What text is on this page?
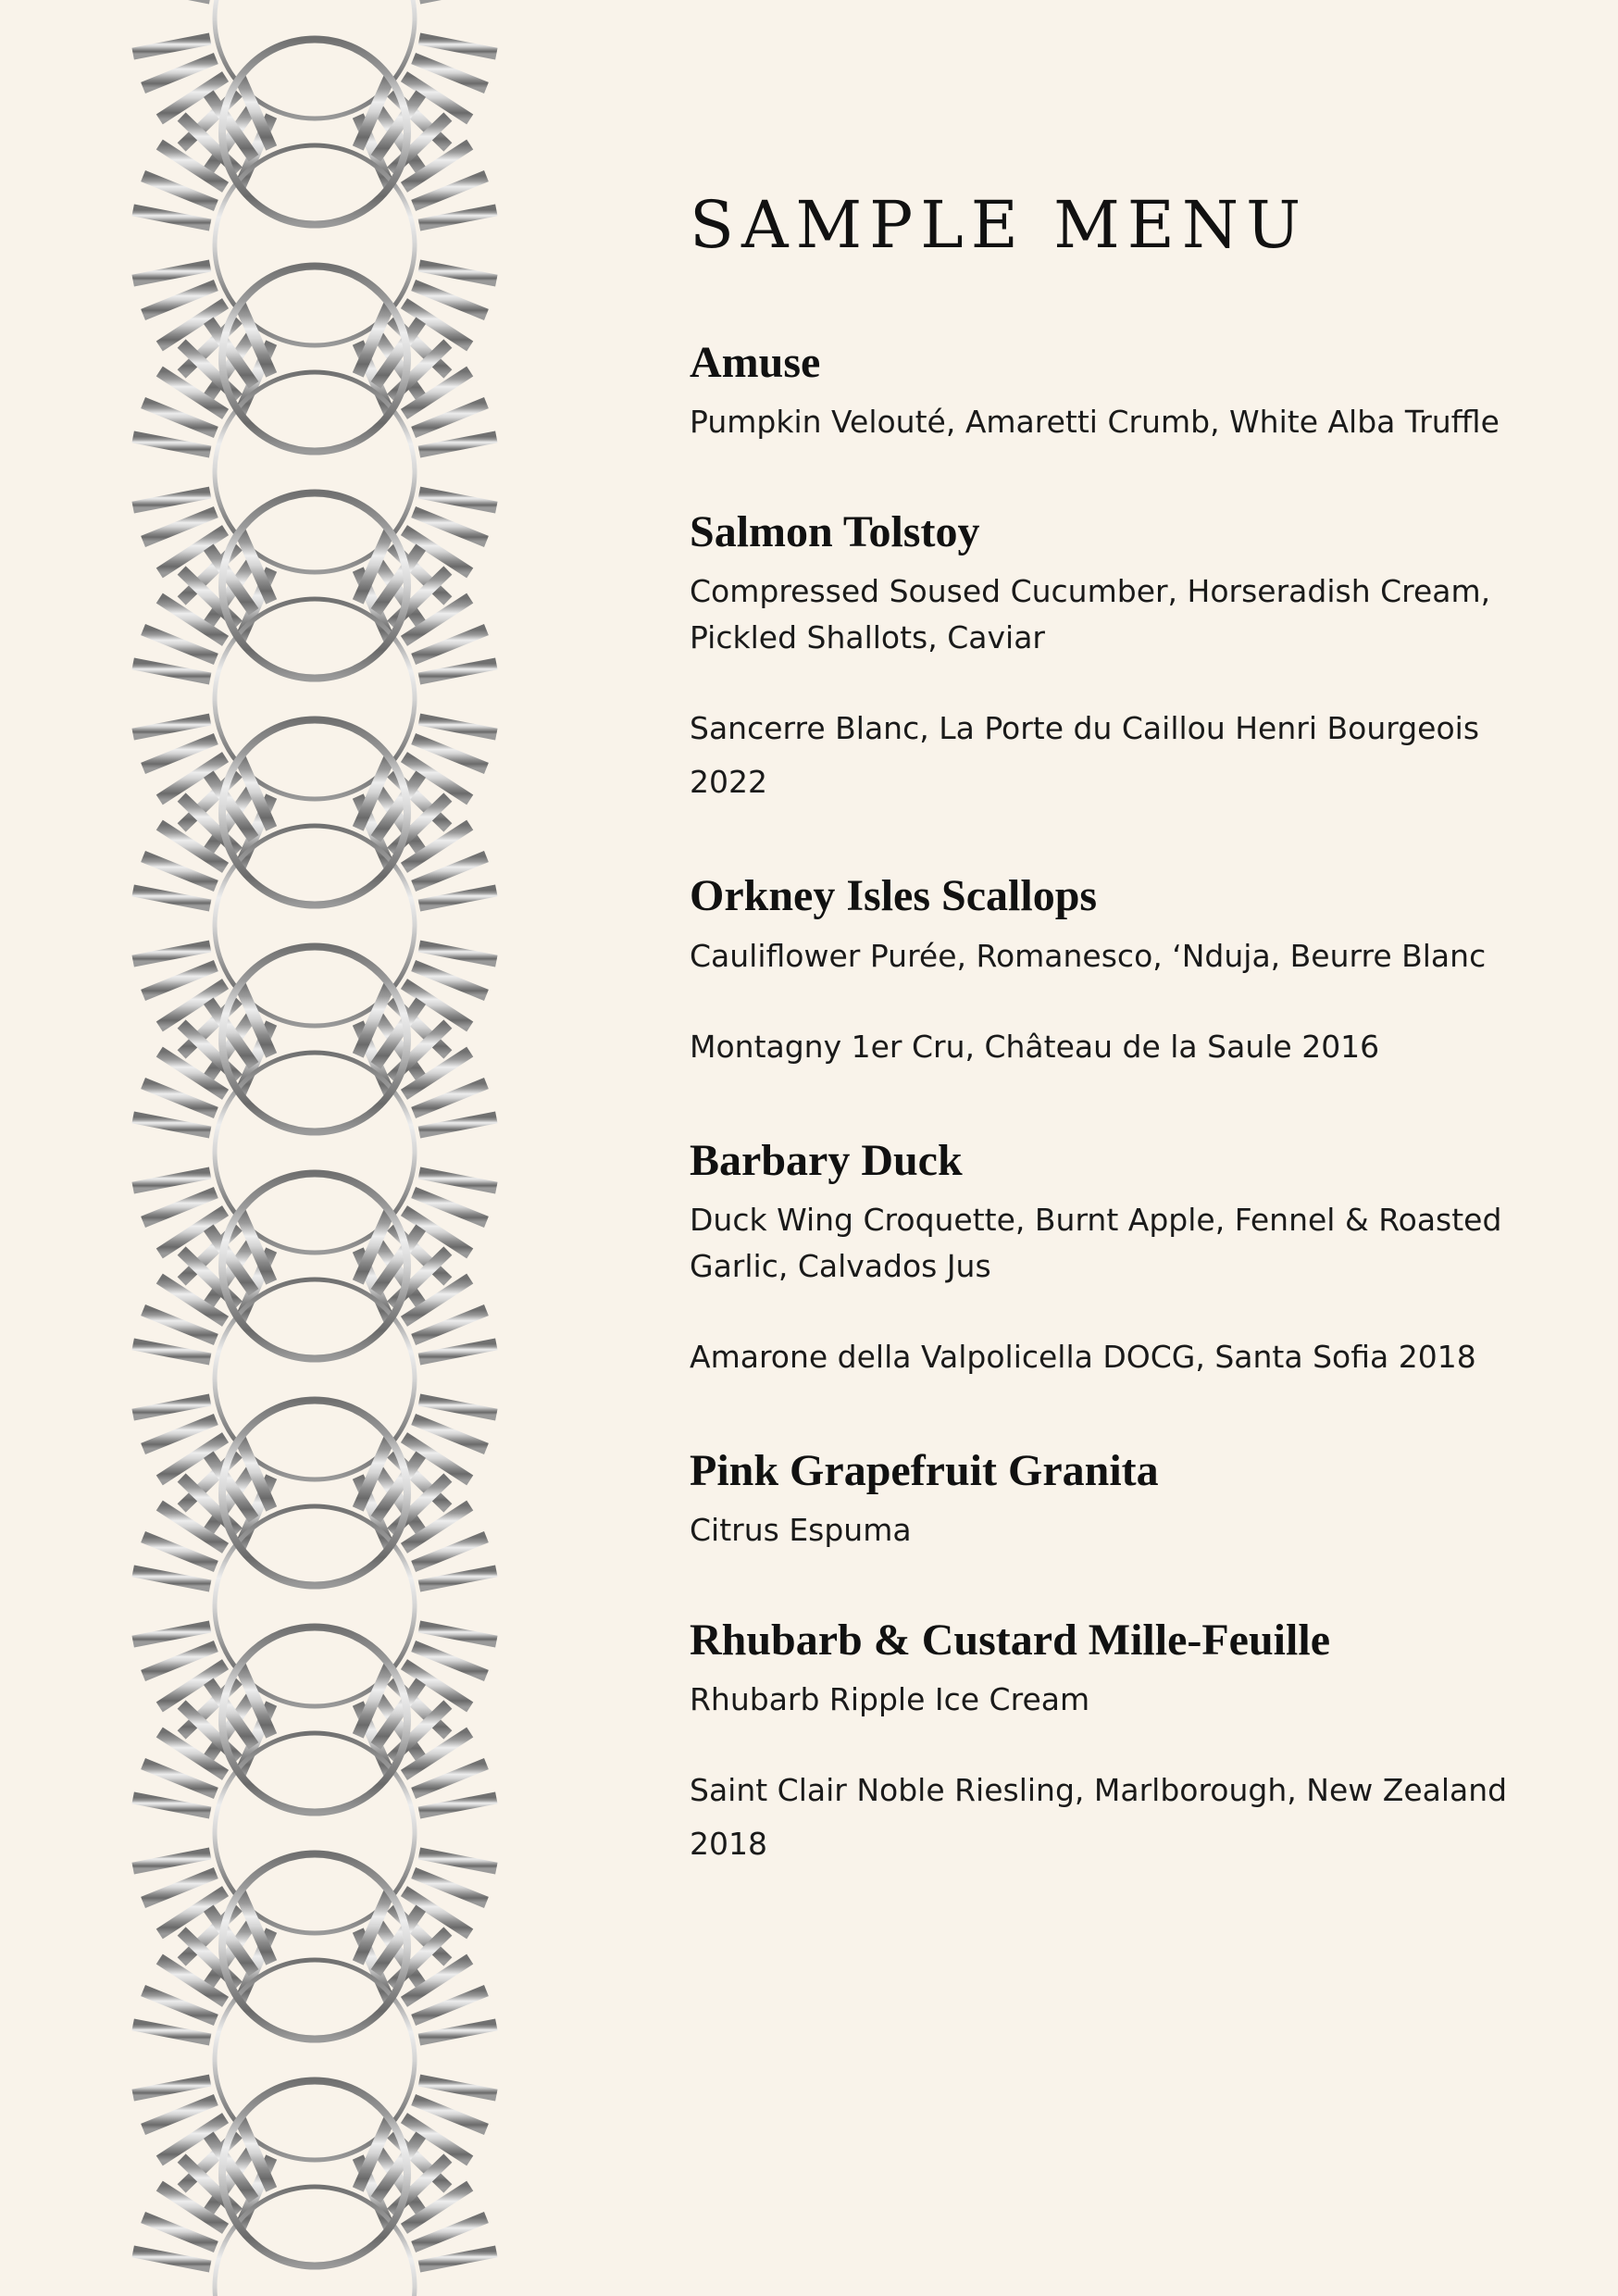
SAMPLE MENU
Amuse

Pumpkin Velouté, Amaretti Crumb, White Alba Truffle

Salmon Tolstoy

Compressed Soused Cucumber, Horseradish Cream, Pickled Shallots, Caviar

Sancerre Blanc, La Porte du Caillou Henri Bourgeois 2022

Orkney Isles Scallops

Cauliflower Purée, Romanesco, ‘Nduja, Beurre Blanc

Montagny 1er Cru, Château de la Saule 2016

Barbary Duck

Duck Wing Croquette, Burnt Apple, Fennel & Roasted Garlic, Calvados Jus

Amarone della Valpolicella DOCG, Santa Sofia 2018

Pink Grapefruit Granita

Citrus Espuma

Rhubarb & Custard Mille-Feuille

Rhubarb Ripple Ice Cream

Saint Clair Noble Riesling, Marlborough, New Zealand 2018
